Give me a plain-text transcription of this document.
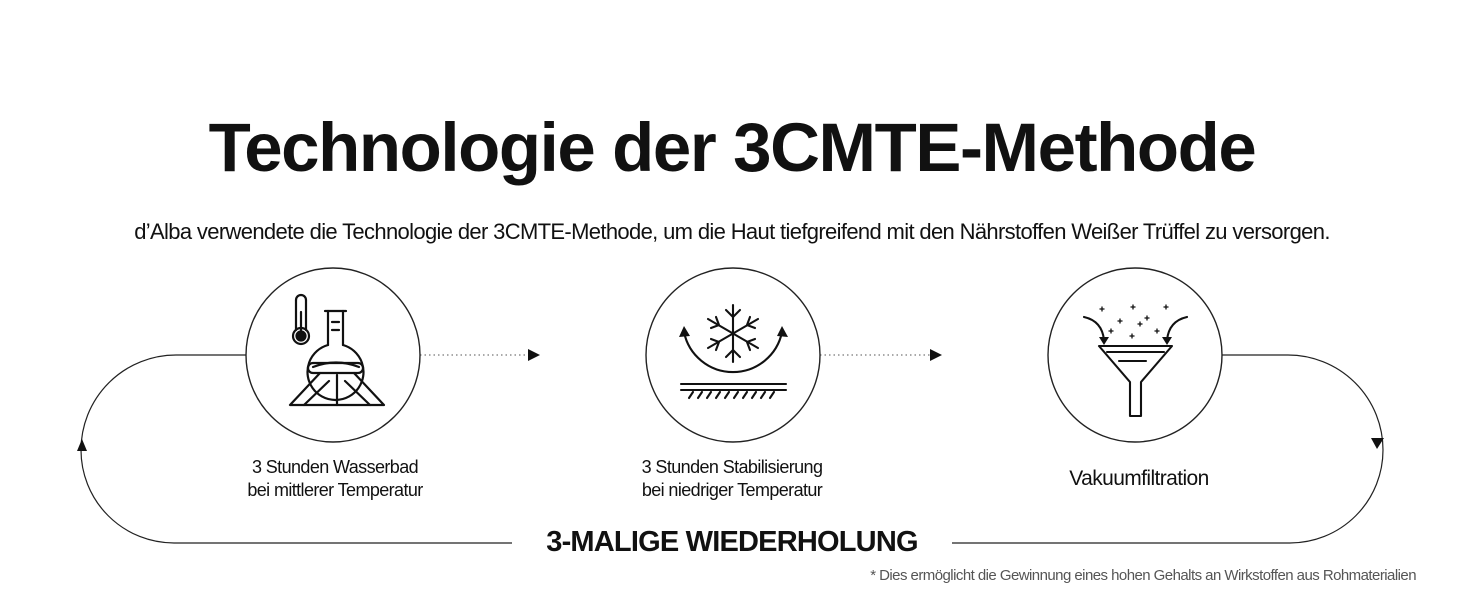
Technologie der 3CMTE-Methode
d’Alba verwendete die Technologie der 3CMTE-Methode, um die Haut tiefgreifend mit den Nährstoffen Weißer Trüffel zu versorgen.
3 Stunden Wasserbad
bei mittlerer Temperatur
3 Stunden Stabilisierung
bei niedriger Temperatur	Vakuumfiltration
3-MALIGE WIEDERHOLUNG
* Dies ermöglicht die Gewinnung eines hohen Gehalts an Wirkstoffen aus Rohmaterialien
